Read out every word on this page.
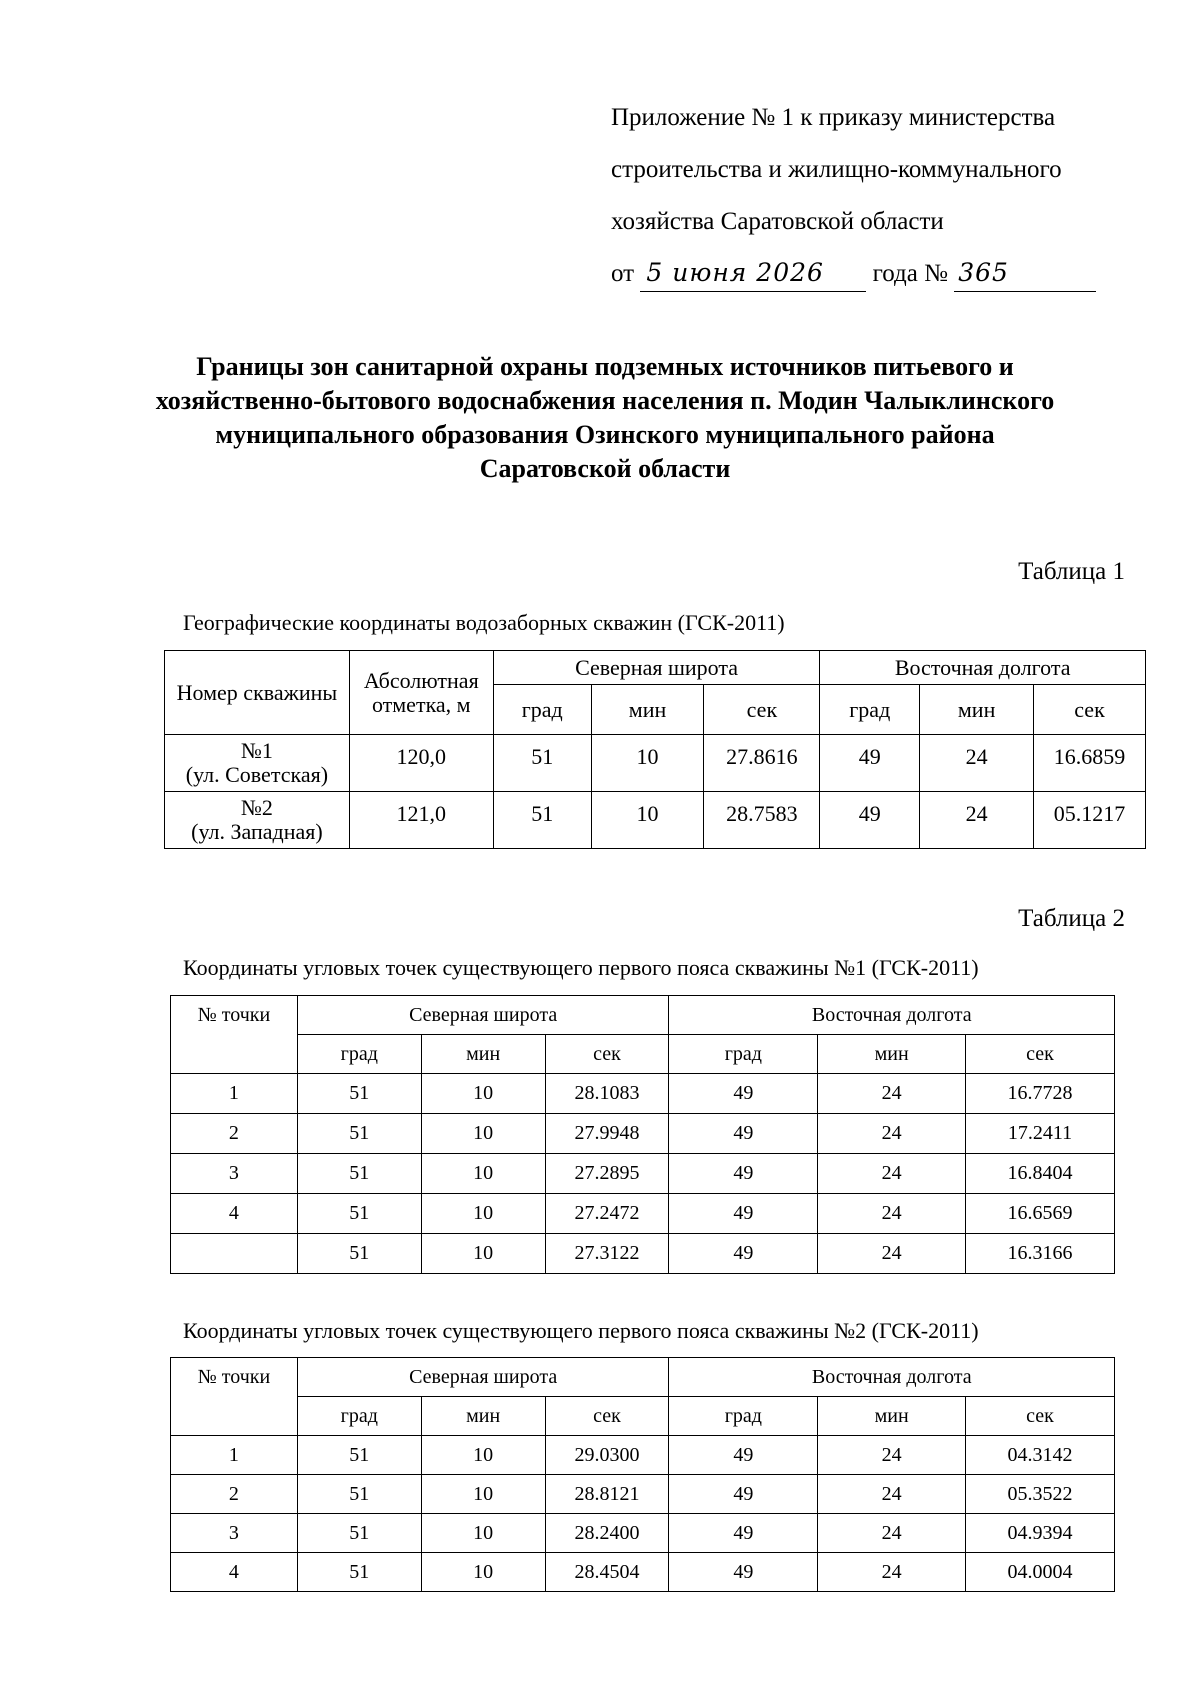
Приложение № 1 к приказу министерства
строительства и жилищно-коммунального
хозяйства Саратовской области
от 5 июня 2026 года № 365
Границы зон санитарной охраны подземных источников питьевого и хозяйственно-бытового водоснабжения населения п. Модин Чалыклинского муниципального образования Озинского муниципального района Саратовской области
Таблица 1
Географические координаты водозаборных скважин (ГСК-2011)
Номер скважины	Абсолютная отметка, м	Северная широта			Восточная долгота		
		град	мин	сек	град	мин	сек

№1
(ул. Советская)	120,0	51	10	27.8616	49	24	16.6859

№2
(ул. Западная)	121,0	51	10	28.7583	49	24	05.1217
Таблица 2
Координаты угловых точек существующего первого пояса скважины №1 (ГСК-2011)
№ точки	Северная широта			Восточная долгота		
	град	мин	сек	град	мин	сек
1	51	10	28.1083	49	24	16.7728
2	51	10	27.9948	49	24	17.2411
3	51	10	27.2895	49	24	16.8404
4	51	10	27.2472	49	24	16.6569
	51	10	27.3122	49	24	16.3166
Координаты угловых точек существующего первого пояса скважины №2 (ГСК-2011)
№ точки	Северная широта			Восточная долгота		
	град	мин	сек	град	мин	сек
1	51	10	29.0300	49	24	04.3142
2	51	10	28.8121	49	24	05.3522
3	51	10	28.2400	49	24	04.9394
4	51	10	28.4504	49	24	04.0004
